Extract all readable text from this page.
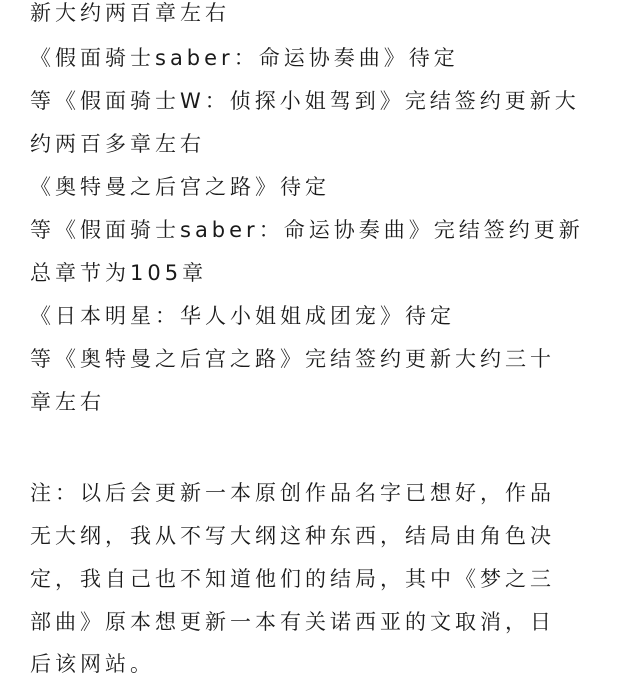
新大约两百章左右
《假面骑士saber：命运协奏曲》待定
等《假面骑士W：侦探小姐驾到》完结签约更新大
约两百多章左右
《奥特曼之后宫之路》待定
等《假面骑士saber：命运协奏曲》完结签约更新
总章节为105章
《日本明星：华人小姐姐成团宠》待定
等《奥特曼之后宫之路》完结签约更新大约三十
章左右
注：以后会更新一本原创作品名字已想好，作品
无大纲，我从不写大纲这种东西，结局由角色决
定，我自己也不知道他们的结局，其中《梦之三
部曲》原本想更新一本有关诺西亚的文取消，日
后该网站。
